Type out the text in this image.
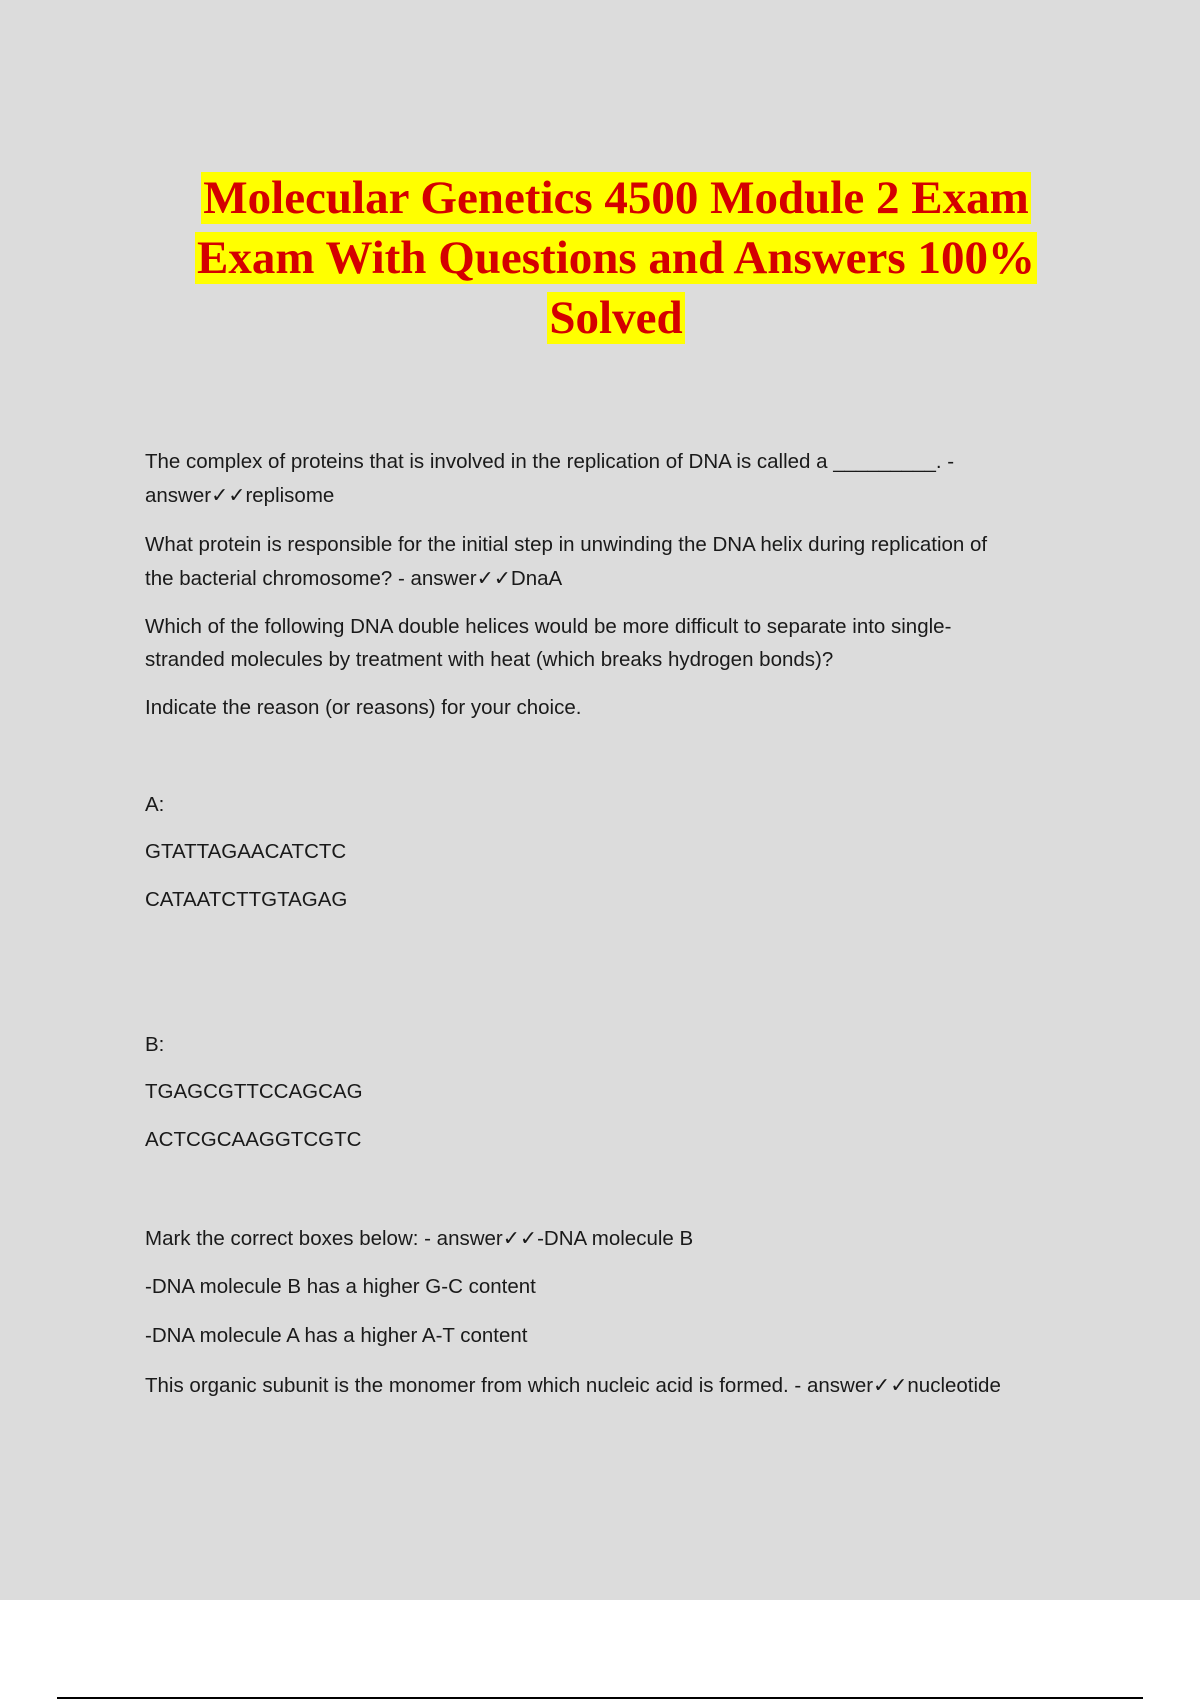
Molecular Genetics 4500 Module 2 Exam
Exam With Questions and Answers 100%
Solved
The complex of proteins that is involved in the replication of DNA is called a _________. -
answer✓✓replisome
What protein is responsible for the initial step in unwinding the DNA helix during replication of
the bacterial chromosome? - answer✓✓DnaA
Which of the following DNA double helices would be more difficult to separate into single-
stranded molecules by treatment with heat (which breaks hydrogen bonds)?
Indicate the reason (or reasons) for your choice.
A:
GTATTAGAACATCTC
CATAATCTTGTAGAG
B:
TGAGCGTTCCAGCAG
ACTCGCAAGGTCGTC
Mark the correct boxes below: - answer✓✓-DNA molecule B
-DNA molecule B has a higher G-C content
-DNA molecule A has a higher A-T content
This organic subunit is the monomer from which nucleic acid is formed. - answer✓✓nucleotide
